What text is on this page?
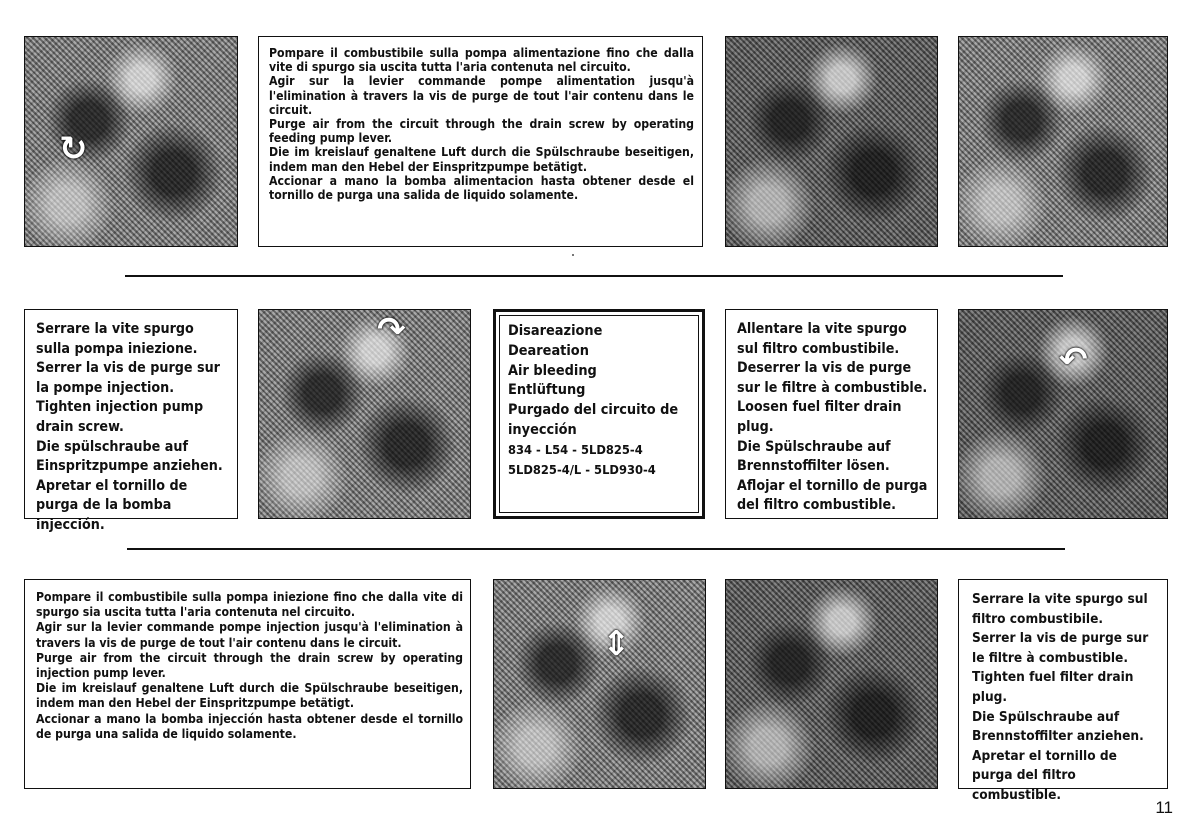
↻
Pompare il combustibile sulla pompa alimentazione fino che dalla vite di spurgo sia uscita tutta l'aria contenuta nel circuito.
Agir sur la levier commande pompe alimentation jusqu'à l'elimination à travers la vis de purge de tout l'air contenu dans le circuit.
Purge air from the circuit through the drain screw by operating feeding pump lever.
Die im kreislauf genaltene Luft durch die Spülschraube beseitigen, indem man den Hebel der Einspritzpumpe betätigt.
Accionar a mano la bomba alimentacion hasta obtener desde el tornillo de purga una salida de liquido solamente.
Serrare la vite spurgo sulla pompa iniezione.
Serrer la vis de purge sur la pompe injection.
Tighten injection pump drain screw.
Die spülschraube auf Einspritzpumpe anziehen.
Apretar el tornillo de purga de la bomba injección.
↷	Disareazione
Deareation
Air bleeding
Entlüftung
Purgado del circuito de inyección
834 - L54 - 5LD825-4
5LD825-4/L - 5LD930-4
Allentare la vite spurgo sul filtro combustibile.
Deserrer la vis de purge sur le filtre à combustible.
Loosen fuel filter drain plug.
Die Spülschraube auf Brennstoffilter lösen.
Aflojar el tornillo de purga del filtro combustible.
↶
Pompare il combustibile sulla pompa iniezione fino che dalla vite di spurgo sia uscita tutta l'aria contenuta nel circuito.
Agir sur la levier commande pompe injection jusqu'à l'elimination à travers la vis de purge de tout l'air contenu dans le circuit.
Purge air from the circuit through the drain screw by operating injection pump lever.
Die im kreislauf genaltene Luft durch die Spülschraube beseitigen, indem man den Hebel der Einspritzpumpe betätigt.
Accionar a mano la bomba injección hasta obtener desde el tornillo de purga una salida de liquido solamente.
⇕
Serrare la vite spurgo sul filtro combustibile.
Serrer la vis de purge sur le filtre à combustible.
Tighten fuel filter drain plug.
Die Spülschraube auf Brennstoffilter anziehen.
Apretar el tornillo de purga del filtro combustible.
11
